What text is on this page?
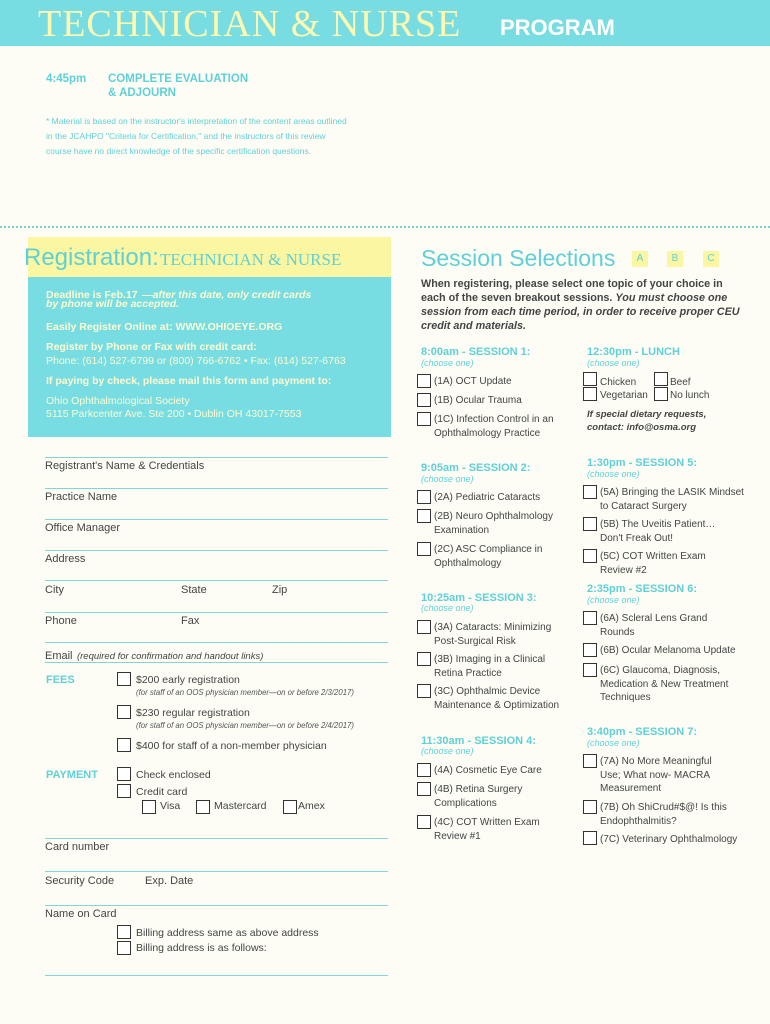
TECHNICIAN & NURSE PROGRAM
4:45pm COMPLETE EVALUATION
& ADJOURN
* Material is based on the instructor's interpretation of the content areas outlined
in the JCAHPO "Criteria for Certification," and the instructors of this review
course have no direct knowledge of the specific certification questions.
Registration: TECHNICIAN & NURSE
Deadline is Feb.17 —after this date, only credit cards
by phone will be accepted.
Easily Register Online at: WWW.OHIOEYE.ORG
Register by Phone or Fax with credit card:
Phone: (614) 527-6799 or (800) 766-6762 • Fax: (614) 527-6763
If paying by check, please mail this form and payment to:
Ohio Ophthalmological Society
5115 Parkcenter Ave. Ste 200 • Dublin OH 43017-7553
Registrant's Name & Credentials
Practice Name
Office Manager
Address
City	State	Zip
Phone	Fax
Email (required for confirmation and handout links)
FEES	$200 early registration
(for staff of an OOS physician member—on or before 2/3/2017)
$230 regular registration
(for staff of an OOS physician member—on or before 2/4/2017)
$400 for staff of a non-member physician
PAYMENT	Check enclosed
Credit card
Visa	Mastercard	Amex
Card number
Security Code	Exp. Date
Name on Card
Billing address same as above address
Billing address is as follows:
Session Selections	A	B	C
When registering, please select one topic of your choice in each of the seven breakout sessions. You must choose one session from each time period, in order to receive proper CEU credit and materials.
8:00am - SESSION 1:
(choose one)
(1A) OCT Update
(1B) Ocular Trauma
(1C) Infection Control in an
Ophthalmology Practice
12:30pm - LUNCH
(choose one)
Chicken	Beef
Vegetarian No lunch
If special dietary requests,
contact: info@osma.org
9:05am - SESSION 2:
(choose one)
(2A) Pediatric Cataracts
(2B) Neuro Ophthalmology
Examination
(2C) ASC Compliance in
Ophthalmology
1:30pm - SESSION 5:
(choose one)
(5A) Bringing the LASIK Mindset
to Cataract Surgery
(5B) The Uveitis Patient…
Don't Freak Out!
(5C) COT Written Exam
Review #2
10:25am - SESSION 3:
(choose one)
(3A) Cataracts: Minimizing
Post-Surgical Risk
(3B) Imaging in a Clinical
Retina Practice
(3C) Ophthalmic Device
Maintenance & Optimization
2:35pm - SESSION 6:
(choose one)
(6A) Scleral Lens Grand
Rounds
(6B) Ocular Melanoma Update
(6C) Glaucoma, Diagnosis,
Medication & New Treatment
Techniques
11:30am - SESSION 4:
(choose one)
(4A) Cosmetic Eye Care
(4B) Retina Surgery
Complications
(4C) COT Written Exam
Review #1
3:40pm - SESSION 7:
(choose one)
(7A) No More Meaningful
Use; What now- MACRA
Measurement
(7B) Oh ShiCrud#$@! Is this
Endophthalmitis?
(7C) Veterinary Ophthalmology
